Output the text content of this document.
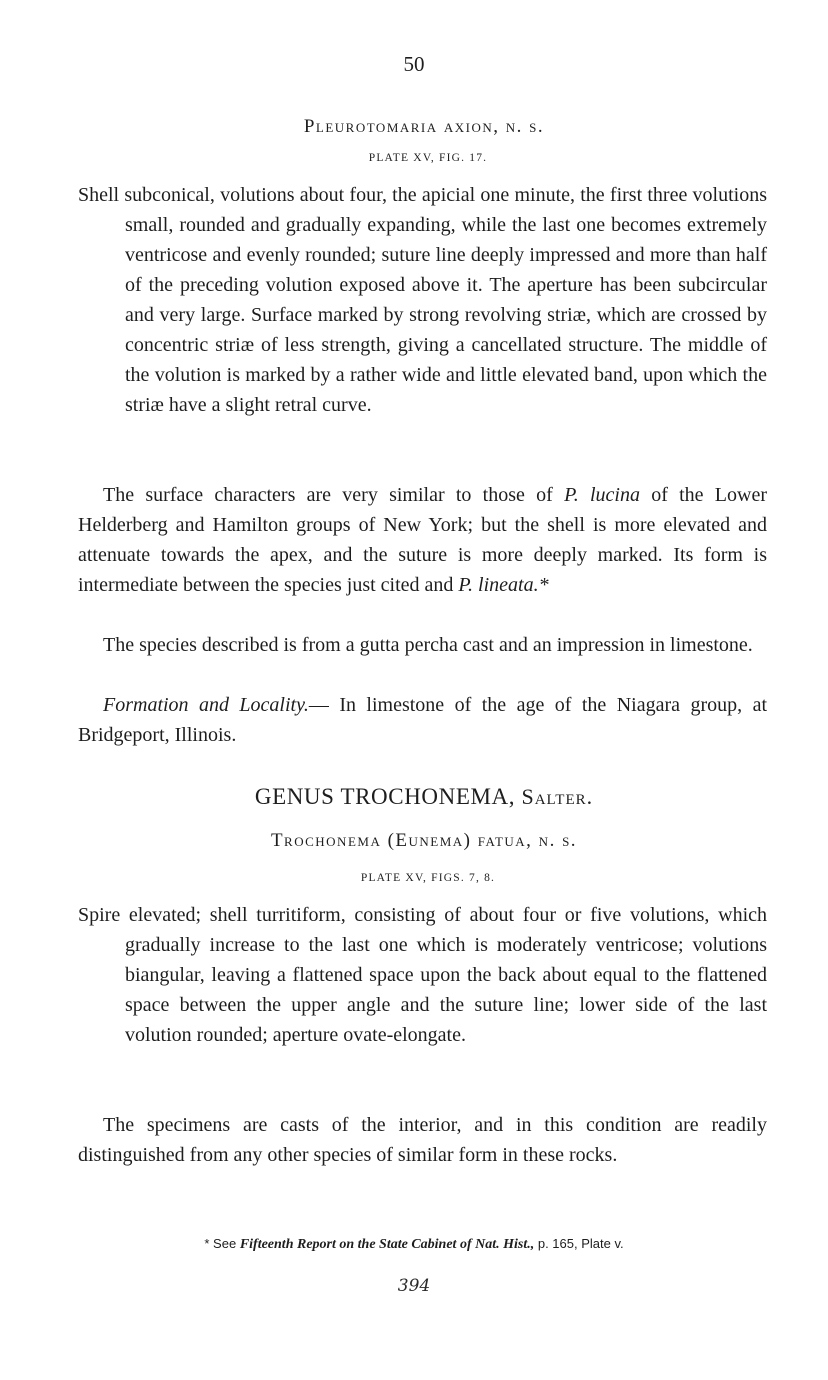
50
Pleurotomaria axion, n. s.
PLATE XV, FIG. 17.

Shell subconical, volutions about four, the apicial one minute, the first three volutions small, rounded and gradually expanding, while the last one becomes extremely ventricose and evenly rounded; suture line deeply impressed and more than half of the preceding volution exposed above it. The aperture has been subcircular and very large. Surface marked by strong revolving striæ, which are crossed by concentric striæ of less strength, giving a cancellated structure. The middle of the volution is marked by a rather wide and little elevated band, upon which the striæ have a slight retral curve.

The surface characters are very similar to those of P. lucina of the Lower Helderberg and Hamilton groups of New York; but the shell is more elevated and attenuate towards the apex, and the suture is more deeply marked. Its form is intermediate between the species just cited and P. lineata.*

The species described is from a gutta percha cast and an impression in limestone.

Formation and Locality.— In limestone of the age of the Niagara group, at Bridgeport, Illinois.

GENUS TROCHONEMA, Salter.
Trochonema (Eunema) fatua, n. s.
PLATE XV, FIGS. 7, 8.

Spire elevated; shell turritiform, consisting of about four or five volutions, which gradually increase to the last one which is moderately ventricose; volutions biangular, leaving a flattened space upon the back about equal to the flattened space between the upper angle and the suture line; lower side of the last volution rounded; aperture ovate-elongate.

The specimens are casts of the interior, and in this condition are readily distinguished from any other species of similar form in these rocks.

* See Fifteenth Report on the State Cabinet of Nat. Hist., p. 165, Plate v.
394
